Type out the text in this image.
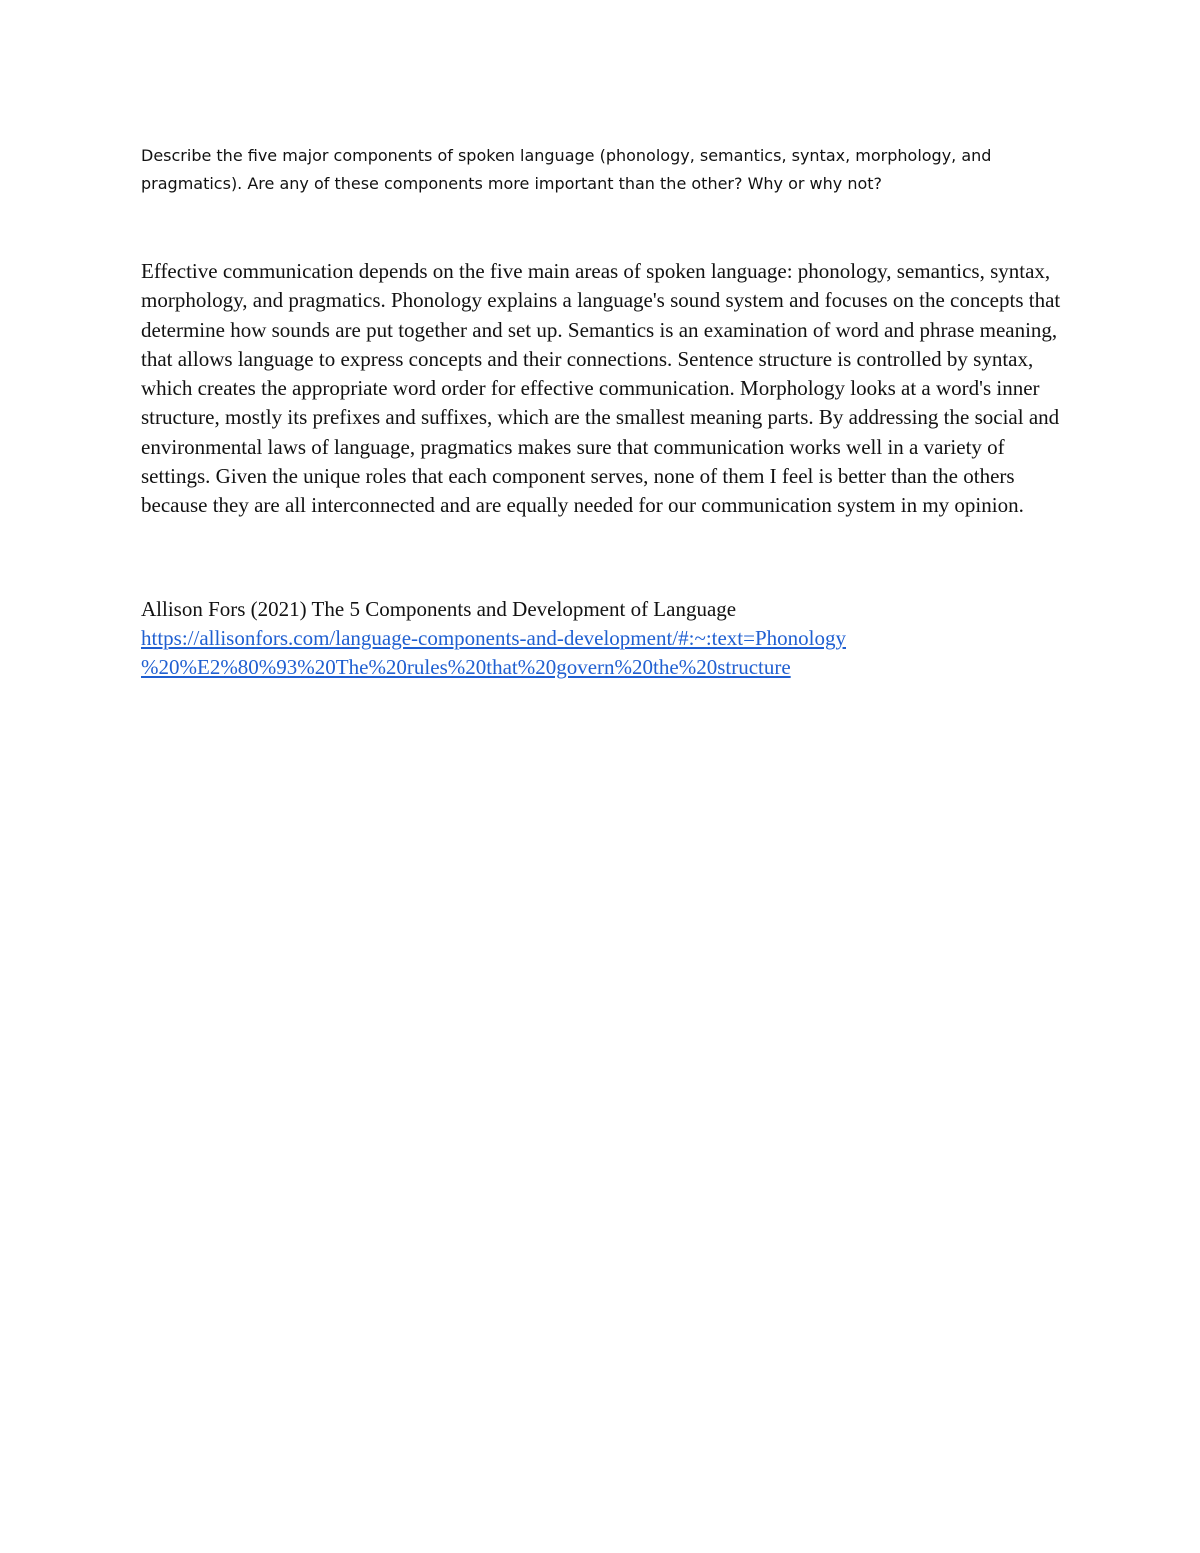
Describe the five major components of spoken language (phonology, semantics, syntax, morphology, and pragmatics). Are any of these components more important than the other? Why or why not?

Effective communication depends on the five main areas of spoken language: phonology, semantics, syntax, morphology, and pragmatics. Phonology explains a language's sound system and focuses on the concepts that determine how sounds are put together and set up. Semantics is an examination of word and phrase meaning, that allows language to express concepts and their connections. Sentence structure is controlled by syntax, which creates the appropriate word order for effective communication. Morphology looks at a word's inner structure, mostly its prefixes and suffixes, which are the smallest meaning parts. By addressing the social and environmental laws of language, pragmatics makes sure that communication works well in a variety of settings. Given the unique roles that each component serves, none of them I feel is better than the others because they are all interconnected and are equally needed for our communication system in my opinion.

Allison Fors (2021) The 5 Components and Development of Language
https://allisonfors.com/language-components-and-development/#:~:text=Phonology
%20%E2%80%93%20The%20rules%20that%20govern%20the%20structure
